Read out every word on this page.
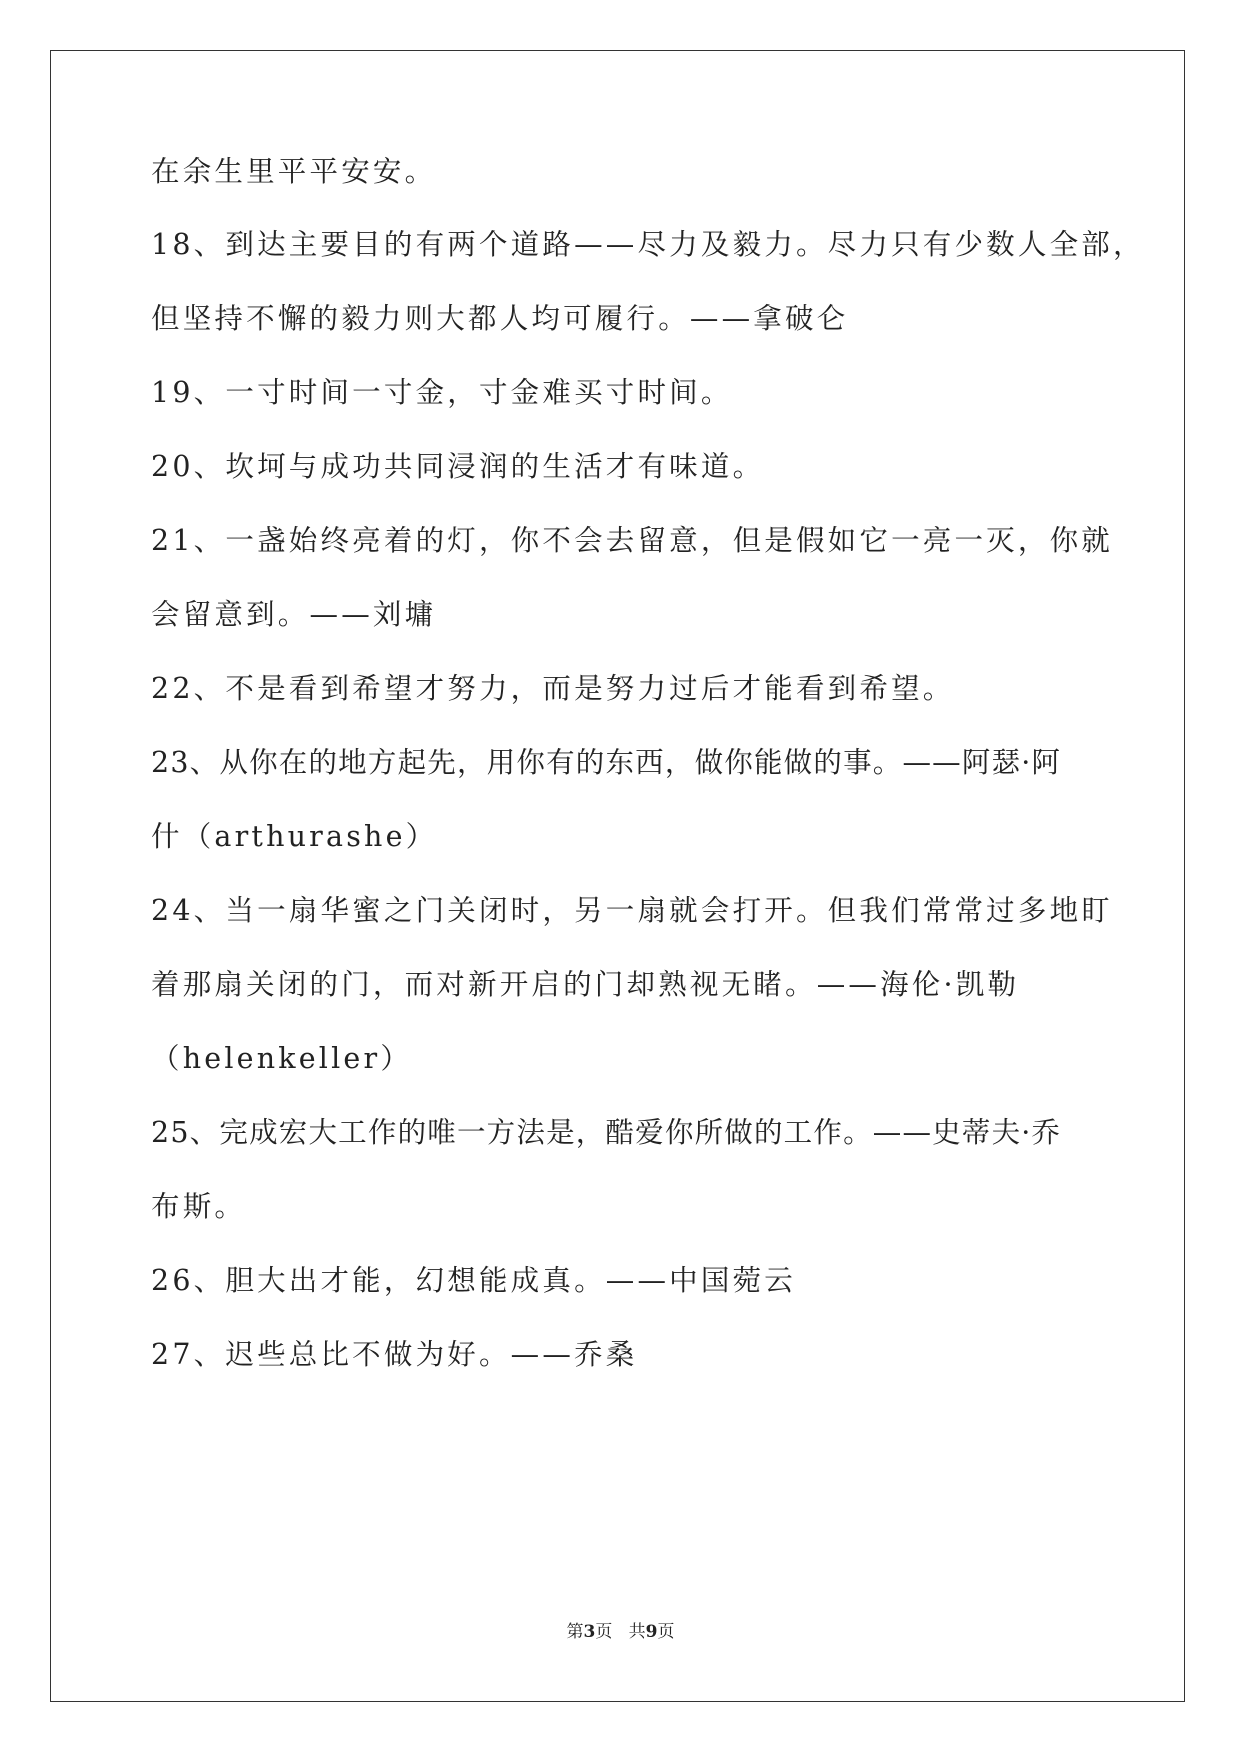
在余生里平平安安。
18、到达主要目的有两个道路——尽力及毅力。尽力只有少数人全部，
但坚持不懈的毅力则大都人均可履行。——拿破仑
19、一寸时间一寸金，寸金难买寸时间。
20、坎坷与成功共同浸润的生活才有味道。
21、一盏始终亮着的灯，你不会去留意，但是假如它一亮一灭，你就
会留意到。——刘墉
22、不是看到希望才努力，而是努力过后才能看到希望。
23、从你在的地方起先，用你有的东西，做你能做的事。——阿瑟·阿
什（arthurashe）
24、当一扇华蜜之门关闭时，另一扇就会打开。但我们常常过多地盯
着那扇关闭的门，而对新开启的门却熟视无睹。——海伦·凯勒
（helenkeller）
25、完成宏大工作的唯一方法是，酷爱你所做的工作。——史蒂夫·乔
布斯。
26、胆大出才能，幻想能成真。——中国菀云
27、迟些总比不做为好。——乔桑
第3页 共9页
